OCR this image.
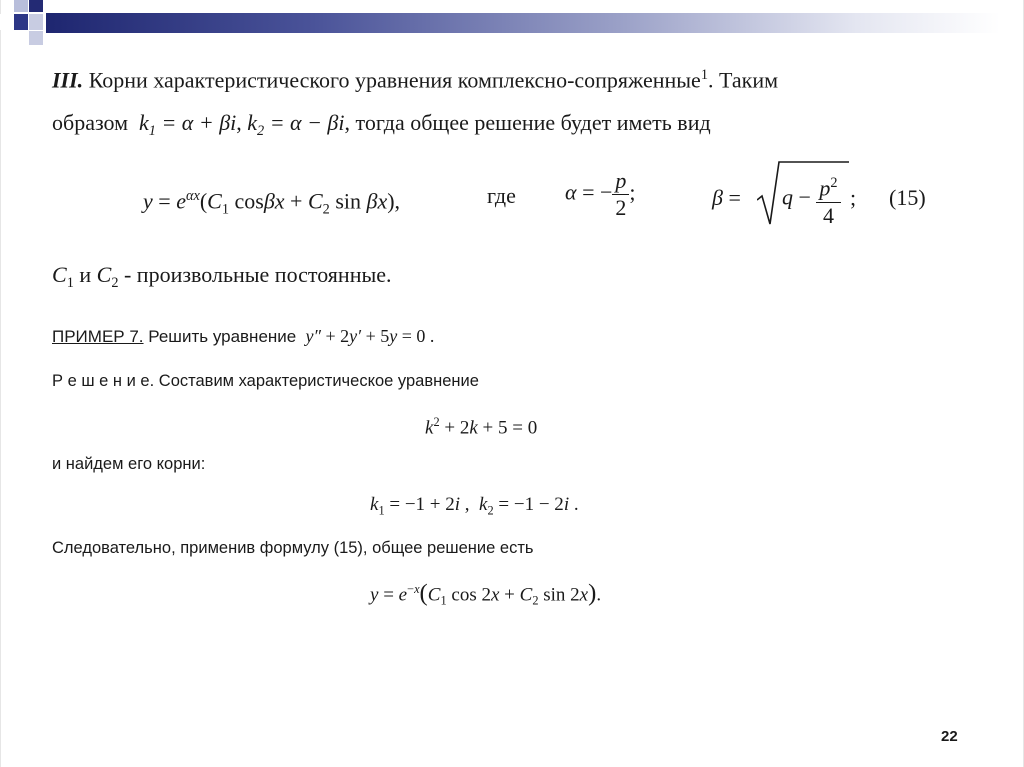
III. Корни характеристического уравнения комплексно-сопряженные$^1$. Таким
образом  $k_1 = \alpha + \beta i$, $k_2 = \alpha - \beta i$, тогда общее решение будет иметь вид
$y = e^{\alpha x}(C_1$ $\cos\beta x + C_2$ sin βx),	где α = − $\frac{p}{2}$ ;	$\beta = q - \frac{p^2}{4}$ ; (15)
$C_1$ и $C_2$ - произвольные постоянные.
ПРИМЕР 7. Решить уравнение y″ + 2y′ + 5y = 0 .
Р е ш е н и е. Составим характеристическое уравнение
$k^2 + 2k + 5 = 0$
и найдем его корни:
$k_1 = -1 + 2i$ ,  $k_2 = -1 - 2i$ .
Следовательно, применив формулу (15), общее решение есть
$y = e^{-x}(C_1$ $\cos 2x + C_2$ sin 2x).
22
